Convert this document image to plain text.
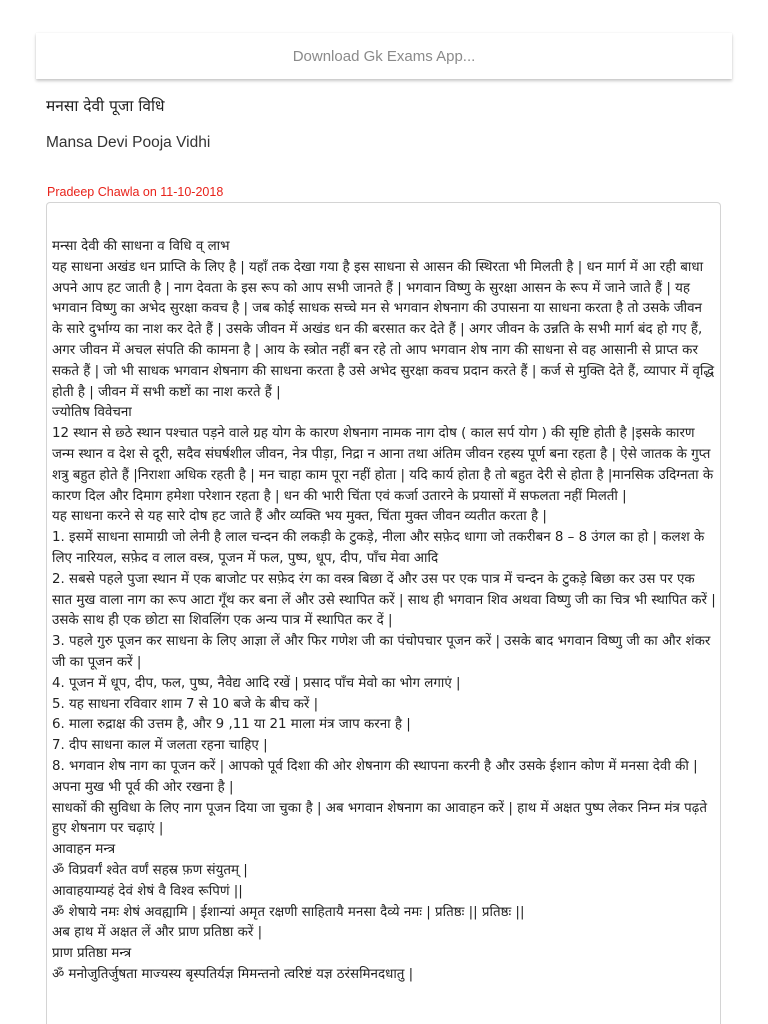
Download Gk Exams App...
मनसा देवी पूजा विधि
Mansa Devi Pooja Vidhi
Pradeep Chawla on 11-10-2018

मन्सा देवी की साधना व विधि व् लाभ

यह साधना अखंड धन प्राप्ति के लिए है | यहाँ तक देखा गया है इस साधना से आसन की स्थिरता भी मिलती है | धन मार्ग में आ रही बाधा अपने आप हट जाती है | नाग देवता के इस रूप को आप सभी जानते हैं | भगवान विष्णु के सुरक्षा आसन के रूप में जाने जाते हैं | यह भगवान विष्णु का अभेद सुरक्षा कवच है | जब कोई साधक सच्चे मन से भगवान शेषनाग की उपासना या साधना करता है तो उसके जीवन के सारे दुर्भाग्य का नाश कर देते हैं | उसके जीवन में अखंड धन की बरसात कर देते हैं | अगर जीवन के उन्नति के सभी मार्ग बंद हो गए हैं, अगर जीवन में अचल संपति की कामना है | आय के स्त्रोत नहीं बन रहे तो आप भगवान शेष नाग की साधना से वह आसानी से प्राप्त कर सकते हैं | जो भी साधक भगवान शेषनाग की साधना करता है उसे अभेद सुरक्षा कवच प्रदान करते हैं | कर्ज से मुक्ति देते हैं, व्यापार में वृद्धि होती है | जीवन में सभी कष्टों का नाश करते हैं |

ज्योतिष विवेचना

12 स्थान से छ्ठे स्थान पश्चात पड़ने वाले ग्रह योग के कारण शेषनाग नामक नाग दोष ( काल सर्प योग ) की सृष्टि होती है |इसके कारण जन्म स्थान व देश से दूरी, सदैव संघर्षशील जीवन, नेत्र पीड़ा, निद्रा न आना तथा अंतिम जीवन रहस्य पूर्ण बना रहता है | ऐसे जातक के गुप्त शत्रु बहुत होते हैं |निराशा अधिक रहती है | मन चाहा काम पूरा नहीं होता | यदि कार्य होता है तो बहुत देरी से होता है |मानसिक उदिग्नता के कारण दिल और दिमाग हमेशा परेशान रहता है | धन की भारी चिंता एवं कर्जा उतारने के प्रयासों में सफलता नहीं मिलती |

यह साधना करने से यह सारे दोष हट जाते हैं और व्यक्ति भय मुक्त, चिंता मुक्त जीवन व्यतीत करता है |

1. इसमें साधना सामाग्री जो लेनी है लाल चन्दन की लकड़ी के टुकड़े, नीला और सफ़ेद धागा जो तकरीबन 8 – 8 उंगल का हो | कलश के लिए नारियल, सफ़ेद व लाल वस्त्र, पूजन में फल, पुष्प, धूप, दीप, पाँच मेवा आदि

2. सबसे पहले पुजा स्थान में एक बाजोट पर सफ़ेद रंग का वस्त्र बिछा दें और उस पर एक पात्र में चन्दन के टुकड़े बिछा कर उस पर एक सात मुख वाला नाग का रूप आटा गूँथ कर बना लें और उसे स्थापित करें | साथ ही भगवान शिव अथवा विष्णु जी का चित्र भी स्थापित करें | उसके साथ ही एक छोटा सा शिवलिंग एक अन्य पात्र में स्थापित कर दें |

3. पहले गुरु पूजन कर साधना के लिए आज्ञा लें और फिर गणेश जी का पंचोपचार पूजन करें | उसके बाद भगवान विष्णु जी का और शंकर जी का पूजन करें |

4. पूजन में धूप, दीप, फल, पुष्प, नैवेद्य आदि रखें | प्रसाद पाँच मेवो का भोग लगाएं |

5. यह साधना रविवार शाम 7 से 10 बजे के बीच करें |

6. माला रुद्राक्ष की उत्तम है, और 9 ,11 या 21 माला मंत्र जाप करना है |

7. दीप साधना काल में जलता रहना चाहिए |

8. भगवान शेष नाग का पूजन करें | आपको पूर्व दिशा की ओर शेषनाग की स्थापना करनी है और उसके ईशान कोण में मनसा देवी की | अपना मुख भी पूर्व की ओर रखना है |

साधकों की सुविधा के लिए नाग पूजन दिया जा चुका है | अब भगवान शेषनाग का आवाहन करें | हाथ में अक्षत पुष्प लेकर निम्न मंत्र पढ़ते हुए शेषनाग पर चढ़ाएं |

आवाहन मन्त्र

ॐ विप्रवर्गं श्वेत वर्णं सहस्र फ़ण संयुतम् |

आवाहयाम्यहं देवं शेषं वै विश्व रूपिणं ||

ॐ शेषाये नमः शेषं अवह्यामि | ईशान्यां अमृत रक्षणी साहितायै मनसा दैव्ये नमः | प्रतिष्ठः || प्रतिष्ठः ||

अब हाथ में अक्षत लें और प्राण प्रतिष्ठा करें |

प्राण प्रतिष्ठा मन्त्र

ॐ मनोजुतिर्जुषता माज्यस्य बृस्पतिर्यज्ञ मिमन्तनो त्वरिष्टं यज्ञ ठरंसमिनदधातु |
